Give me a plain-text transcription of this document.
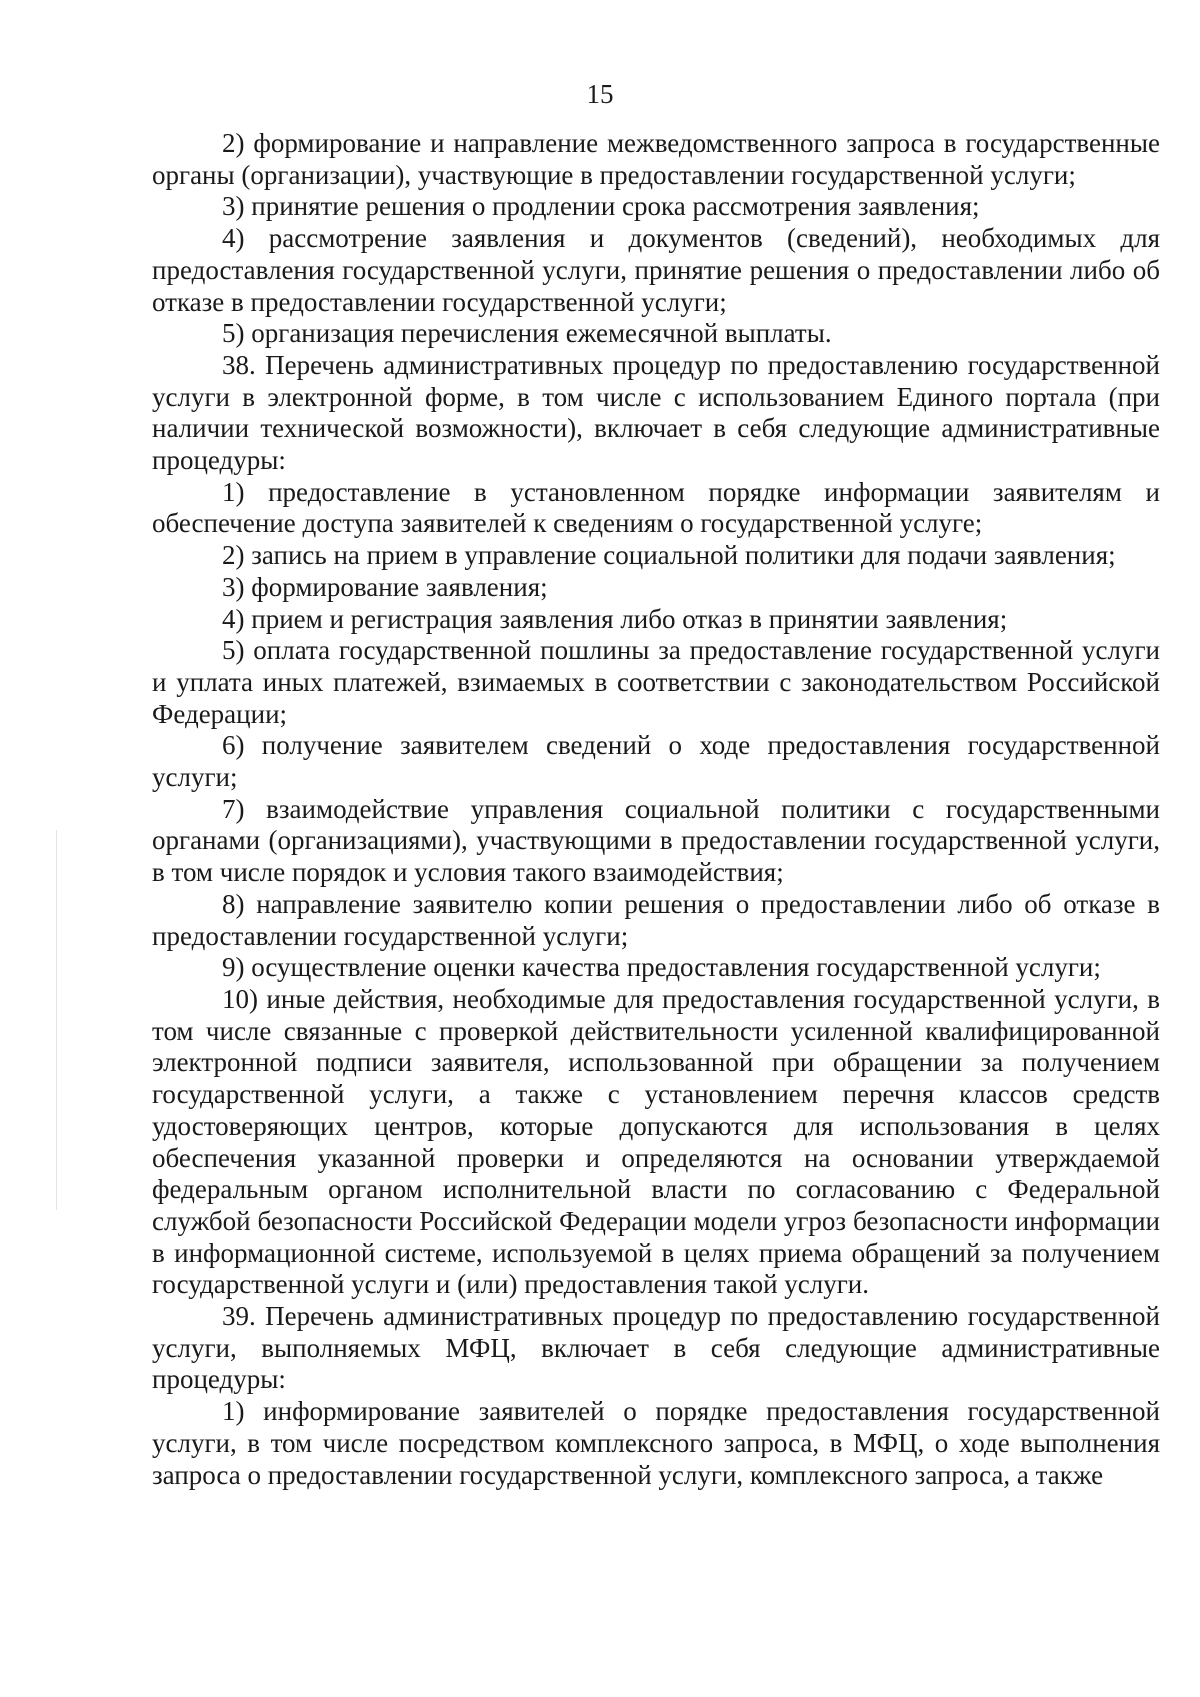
15

2) формирование и направление межведомственного запроса в государственные органы (организации), участвующие в предоставлении государственной услуги;

3) принятие решения о продлении срока рассмотрения заявления;

4) рассмотрение заявления и документов (сведений), необходимых для предоставления государственной услуги, принятие решения о предоставлении либо об отказе в предоставлении государственной услуги;

5) организация перечисления ежемесячной выплаты.

38. Перечень административных процедур по предоставлению государственной услуги в электронной форме, в том числе с использованием Единого портала (при наличии технической возможности), включает в себя следующие административные процедуры:

1) предоставление в установленном порядке информации заявителям и обеспечение доступа заявителей к сведениям о государственной услуге;

2) запись на прием в управление социальной политики для подачи заявления;

3) формирование заявления;

4) прием и регистрация заявления либо отказ в принятии заявления;

5) оплата государственной пошлины за предоставление государственной услуги и уплата иных платежей, взимаемых в соответствии с законодательством Российской Федерации;

6) получение заявителем сведений о ходе предоставления государственной услуги;

7) взаимодействие управления социальной политики с государственными органами (организациями), участвующими в предоставлении государственной услуги, в том числе порядок и условия такого взаимодействия;

8) направление заявителю копии решения о предоставлении либо об отказе в предоставлении государственной услуги;

9) осуществление оценки качества предоставления государственной услуги;

10) иные действия, необходимые для предоставления государственной услуги, в том числе связанные с проверкой действительности усиленной квалифицированной электронной подписи заявителя, использованной при обращении за получением государственной услуги, а также с установлением перечня классов средств удостоверяющих центров, которые допускаются для использования в целях обеспечения указанной проверки и определяются на основании утверждаемой федеральным органом исполнительной власти по согласованию с Федеральной службой безопасности Российской Федерации модели угроз безопасности информации в информационной системе, используемой в целях приема обращений за получением государственной услуги и (или) предоставления такой услуги.

39. Перечень административных процедур по предоставлению государственной услуги, выполняемых МФЦ, включает в себя следующие административные процедуры:

1) информирование заявителей о порядке предоставления государственной услуги, в том числе посредством комплексного запроса, в МФЦ, о ходе выполнения запроса о предоставлении государственной услуги, комплексного запроса, а также
